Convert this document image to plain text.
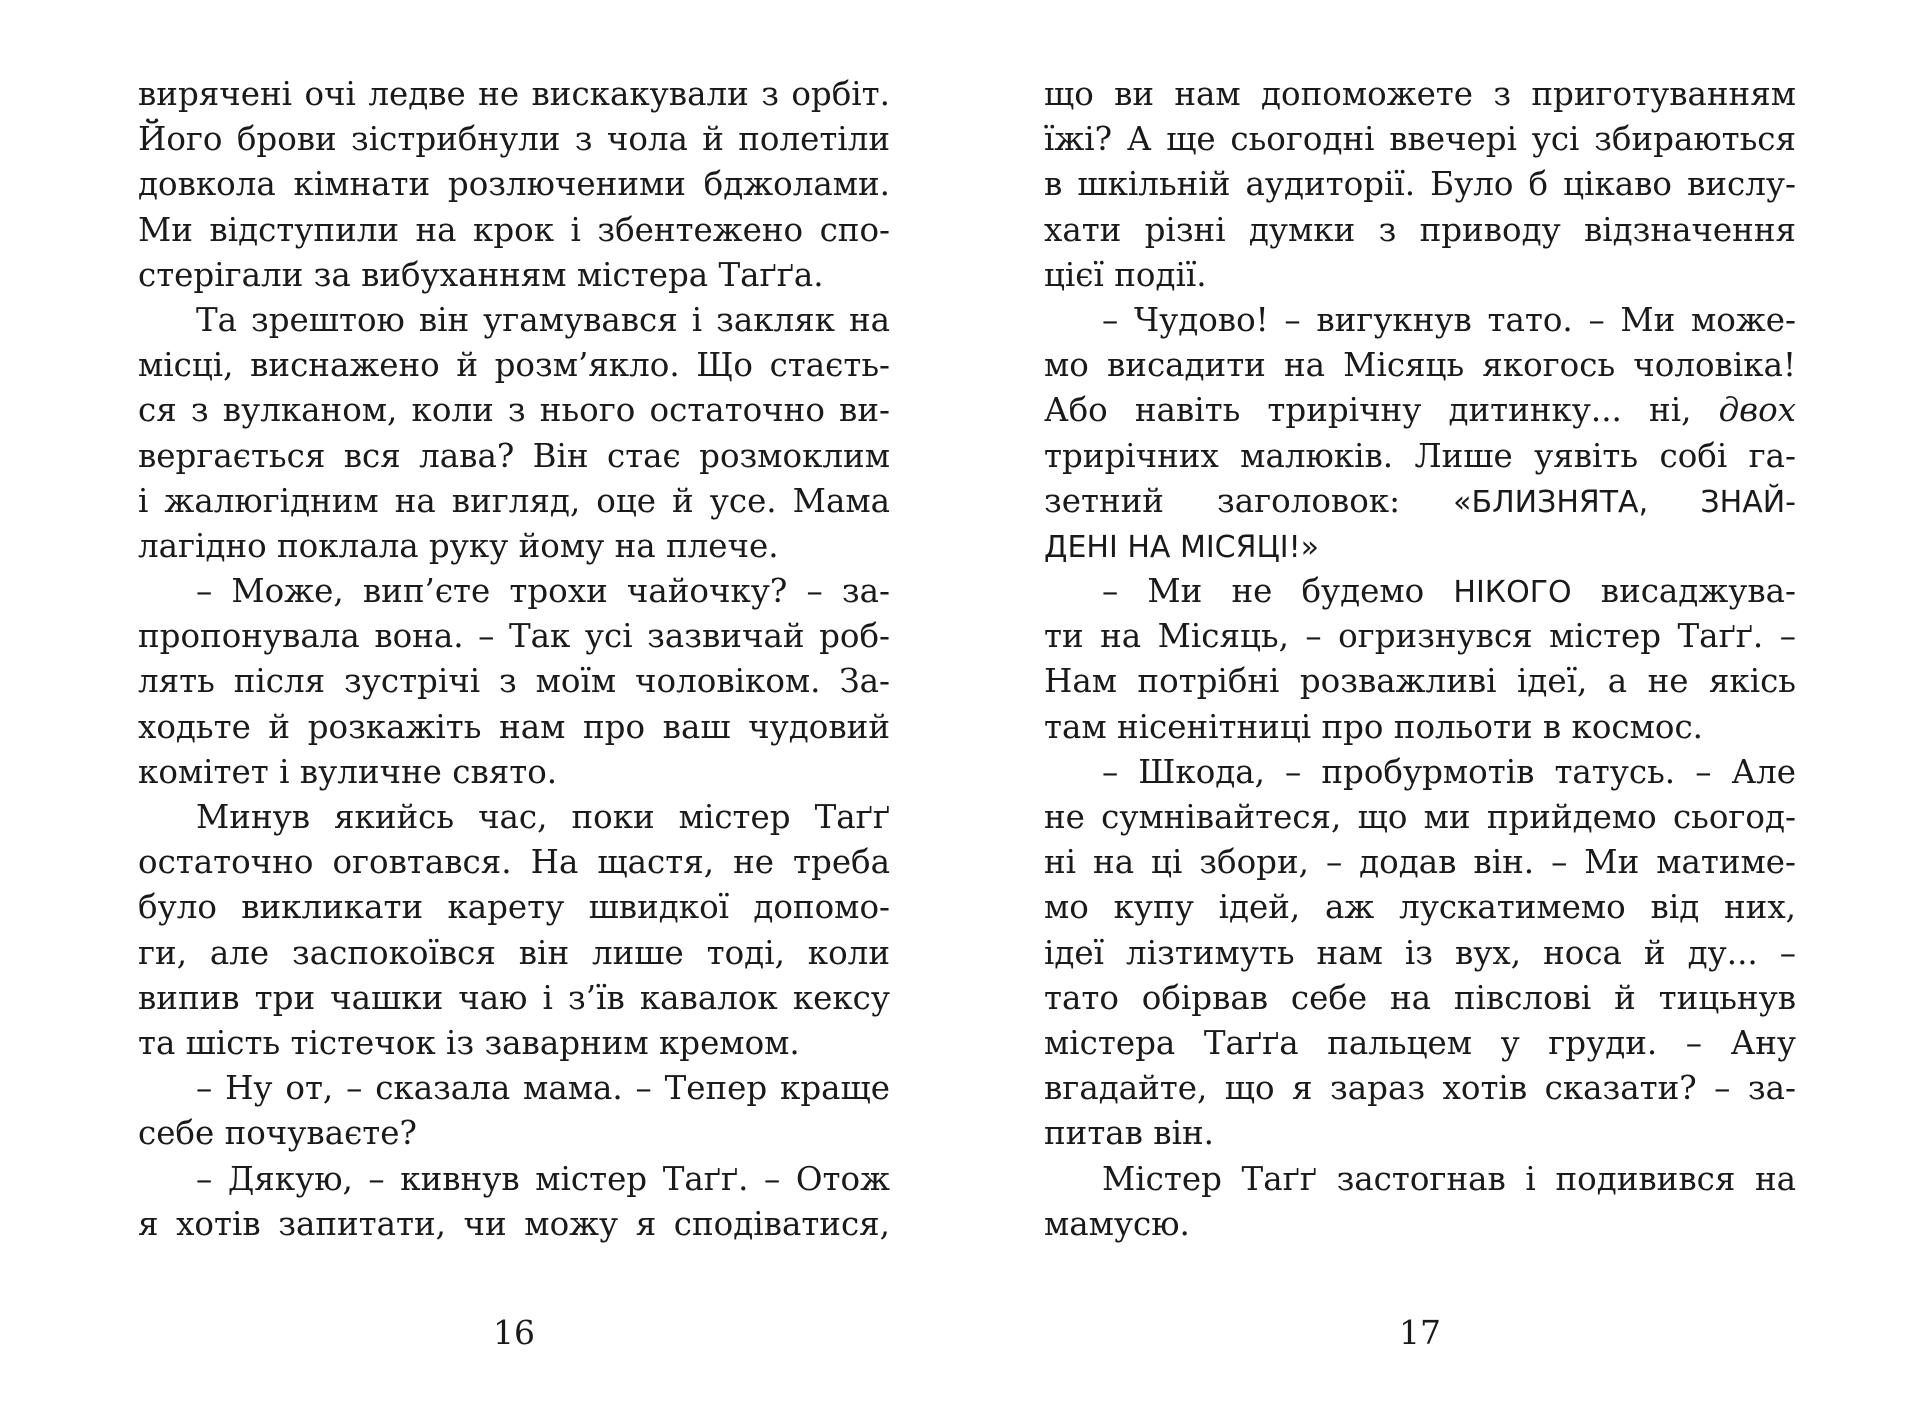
вирячені очі ледве не вискакували з орбіт.
Його брови зістрибнули з чола й полетіли
довкола кімнати розлюченими бджолами.
Ми відступили на крок і збентежено спо-
стерігали за вибуханням містера Таґґа.
Та зрештою він угамувався і закляк на
місці, виснажено й розм’якло. Що стаєть-
ся з вулканом, коли з нього остаточно ви-
вергається вся лава? Він стає розмоклим
і жалюгідним на вигляд, оце й усе. Мама
лагідно поклала руку йому на плече.
– Може, вип’єте трохи чайочку? – за-
пропонувала вона. – Так усі зазвичай роб-
лять після зустрічі з моїм чоловіком. За-
ходьте й розкажіть нам про ваш чудовий
комітет і вуличне свято.
Минув якийсь час, поки містер Таґґ
остаточно оговтався. На щастя, не треба
було викликати карету швидкої допомо-
ги, але заспокоївся він лише тоді, коли
випив три чашки чаю і з’їв кавалок кексу
та шість тістечок із заварним кремом.
– Ну от, – сказала мама. – Тепер краще
себе почуваєте?
– Дякую, – кивнув містер Таґґ. – Отож
я хотів запитати, чи можу я сподіватися,
що ви нам допоможете з приготуванням
їжі? А ще сьогодні ввечері усі збираються
в шкільній аудиторії. Було б цікаво вислу-
хати різні думки з приводу відзначення
цієї події.
– Чудово! – вигукнув тато. – Ми може-
мо висадити на Місяць якогось чоловіка!
Або навіть трирічну дитинку... ні, двох
трирічних малюків. Лише уявіть собі га-
зетний заголовок: «БЛИЗНЯТА, ЗНАЙ-
ДЕНІ НА МІСЯЦІ!»
– Ми не будемо НІКОГО висаджува-
ти на Місяць, – огризнувся містер Таґґ. –
Нам потрібні розважливі ідеї, а не якісь
там нісенітниці про польоти в космос.
– Шкода, – пробурмотів татусь. – Але
не сумнівайтеся, що ми прийдемо сьогод-
ні на ці збори, – додав він. – Ми матиме-
мо купу ідей, аж лускатимемо від них,
ідеї лізтимуть нам із вух, носа й ду... –
тато обірвав себе на півслові й тицьнув
містера Таґґа пальцем у груди. – Ану
вгадайте, що я зараз хотів сказати? – за-
питав він.
Містер Таґґ застогнав і подивився на
мамусю.
16	17
